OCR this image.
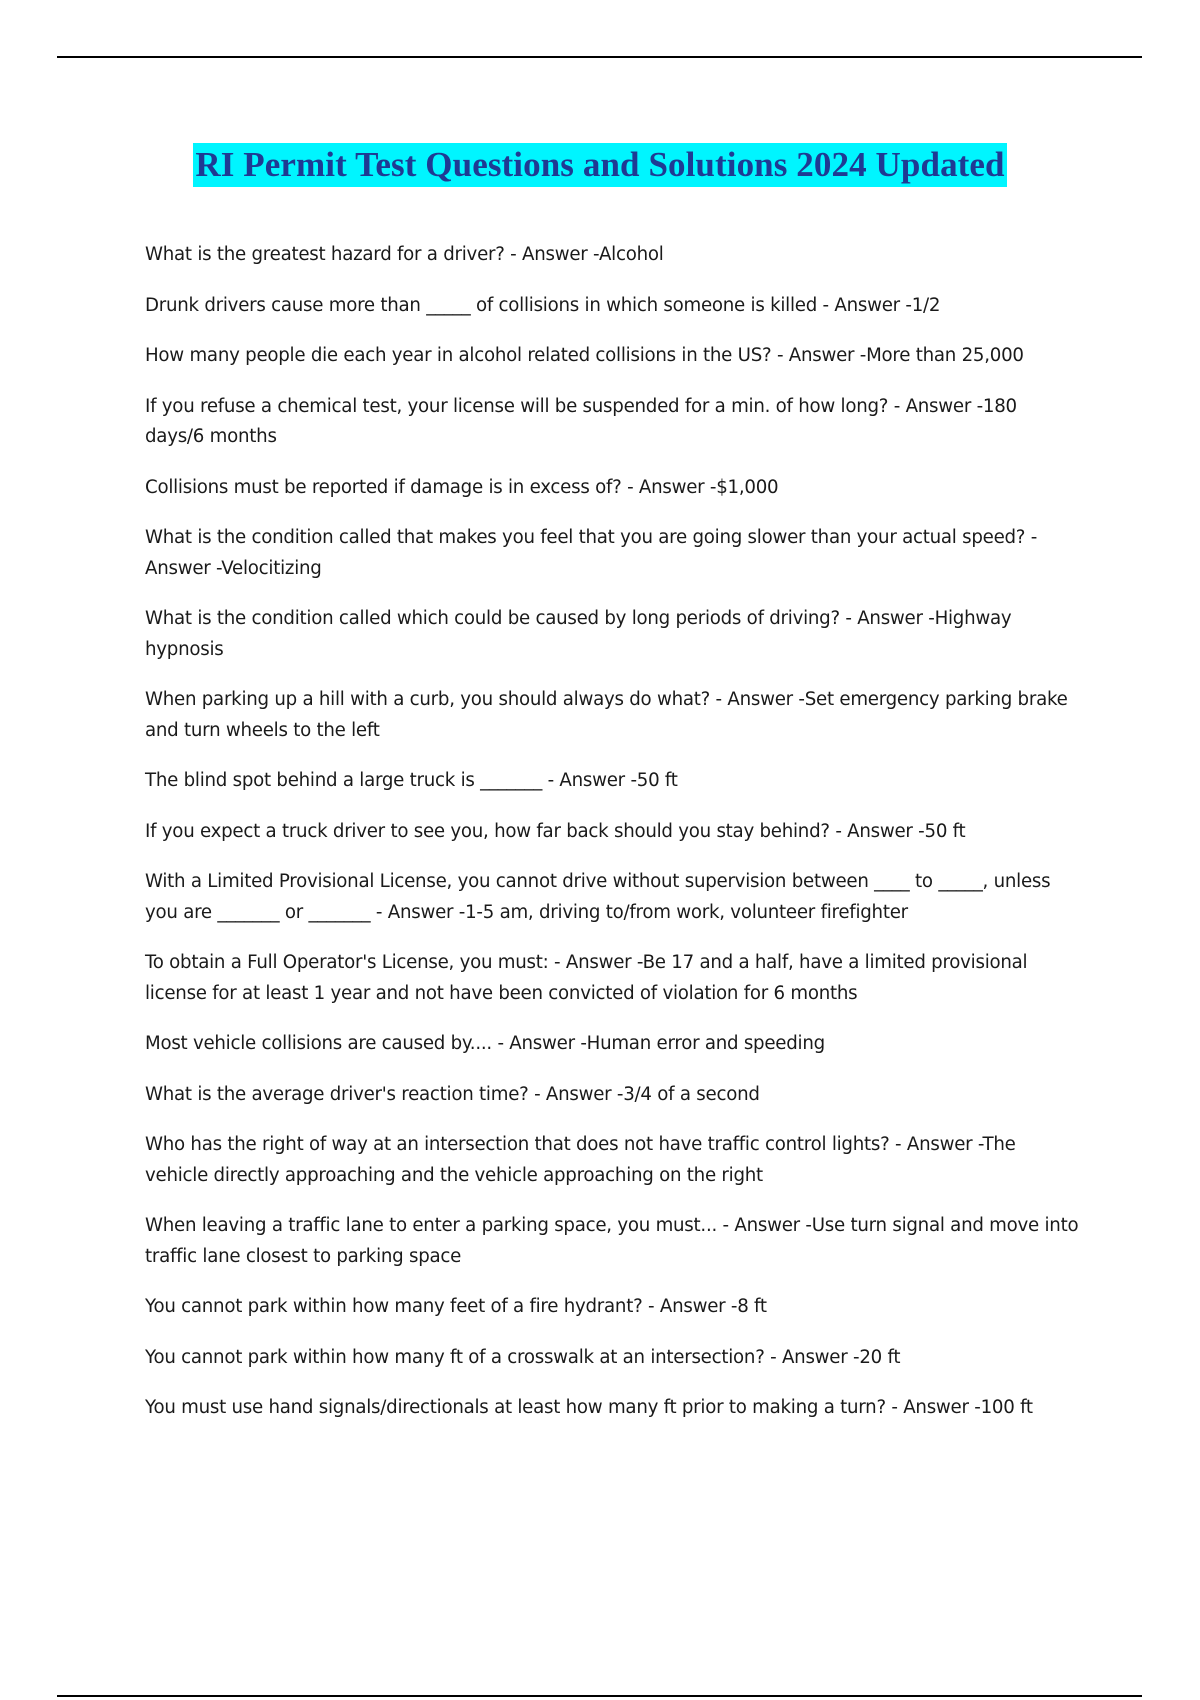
RI Permit Test Questions and Solutions 2024 Updated
What is the greatest hazard for a driver? - Answer -Alcohol
Drunk drivers cause more than _____ of collisions in which someone is killed - Answer -1/2
How many people die each year in alcohol related collisions in the US? - Answer -More than 25,000
If you refuse a chemical test, your license will be suspended for a min. of how long? - Answer -180 days/6 months
Collisions must be reported if damage is in excess of? - Answer -$1,000
What is the condition called that makes you feel that you are going slower than your actual speed? - Answer -Velocitizing
What is the condition called which could be caused by long periods of driving? - Answer -Highway hypnosis
When parking up a hill with a curb, you should always do what? - Answer -Set emergency parking brake and turn wheels to the left
The blind spot behind a large truck is _______ - Answer -50 ft
If you expect a truck driver to see you, how far back should you stay behind? - Answer -50 ft
With a Limited Provisional License, you cannot drive without supervision between ____ to _____, unless you are _______ or _______ - Answer -1-5 am, driving to/from work, volunteer firefighter
To obtain a Full Operator's License, you must: - Answer -Be 17 and a half, have a limited provisional license for at least 1 year and not have been convicted of violation for 6 months
Most vehicle collisions are caused by.... - Answer -Human error and speeding
What is the average driver's reaction time? - Answer -3/4 of a second
Who has the right of way at an intersection that does not have traffic control lights? - Answer -The vehicle directly approaching and the vehicle approaching on the right
When leaving a traffic lane to enter a parking space, you must... - Answer -Use turn signal and move into traffic lane closest to parking space
You cannot park within how many feet of a fire hydrant? - Answer -8 ft
You cannot park within how many ft of a crosswalk at an intersection? - Answer -20 ft
You must use hand signals/directionals at least how many ft prior to making a turn? - Answer -100 ft
